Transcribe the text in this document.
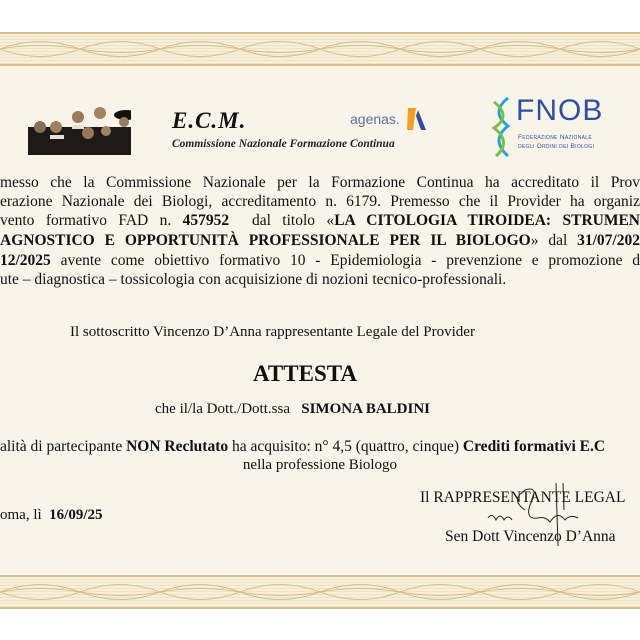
E.C.M.
Commissione Nazionale Formazione Continua
agenas.	FNOB
Federazione Nazionale
degli Ordini dei Biologi
messo che la Commissione Nazionale per la Formazione Continua ha accreditato il Prov
erazione Nazionale dei Biologi, accreditamento n. 6179. Premesso che il Provider ha organiz
vento formativo FAD n. 457952 dal titolo «LA CITOLOGIA TIROIDEA: STRUMEN
AGNOSTICO E OPPORTUNITÀ PROFESSIONALE PER IL BIOLOGO» dal 31/07/202
12/2025 avente come obiettivo formativo 10 - Epidemiologia - prevenzione e promozione d
ute – diagnostica – tossicologia con acquisizione di nozioni tecnico-professionali.
Il sottoscritto Vincenzo D’Anna rappresentante Legale del Provider
ATTESTA
che il/la Dott./Dott.ssa SIMONA BALDINI
alità di partecipante NON Reclutato ha acquisito: n° 4,5 (quattro, cinque) Crediti formativi E.C
nella professione Biologo
oma, lì 16/09/25
Il RAPPRESENTANTE LEGAL
Sen Dott Vincenzo D’Anna
